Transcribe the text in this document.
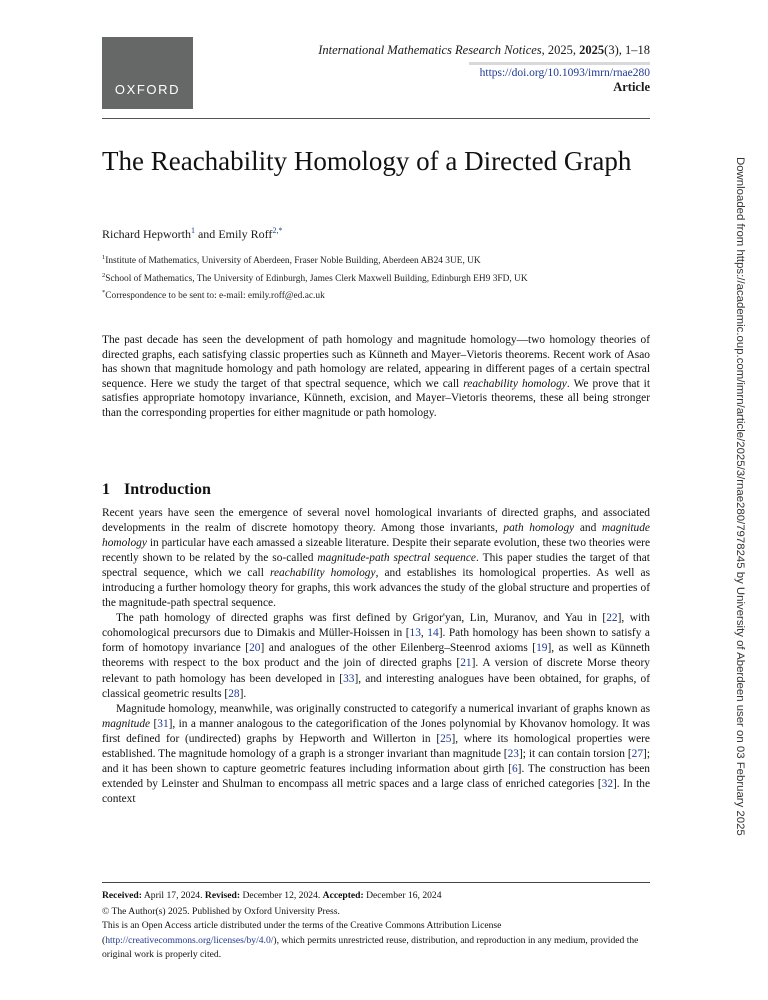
OXFORD
International Mathematics Research Notices, 2025, 2025(3), 1–18
https://doi.org/10.1093/imrn/rnae280
Article
The Reachability Homology of a Directed Graph
Richard Hepworth$^1$ and Emily Roff$^{2,*}$
$^1$Institute of Mathematics, University of Aberdeen, Fraser Noble Building, Aberdeen AB24 3UE, UK
$^2$School of Mathematics, The University of Edinburgh, James Clerk Maxwell Building, Edinburgh EH9 3FD, UK
*Correspondence to be sent to: e-mail: emily.roff@ed.ac.uk

The past decade has seen the development of path homology and magnitude homology—two homology theories of directed graphs, each satisfying classic properties such as Künneth and Mayer–Vietoris theorems. Recent work of Asao has shown that magnitude homology and path homology are related, appearing in different pages of a certain spectral sequence. Here we study the target of that spectral sequence, which we call reachability homology. We prove that it satisfies appropriate homotopy invariance, Künneth, excision, and Mayer–Vietoris theorems, these all being stronger than the corresponding properties for either magnitude or path homology.

1 Introduction

Recent years have seen the emergence of several novel homological invariants of directed graphs, and associated developments in the realm of discrete homotopy theory. Among those invariants, path homology and magnitude homology in particular have each amassed a sizeable literature. Despite their separate evolution, these two theories were recently shown to be related by the so-called magnitude-path spectral sequence. This paper studies the target of that spectral sequence, which we call reachability homology, and establishes its homological properties. As well as introducing a further homology theory for graphs, this work advances the study of the global structure and properties of the magnitude-path spectral sequence.

The path homology of directed graphs was first defined by Grigor'yan, Lin, Muranov, and Yau in [22], with cohomological precursors due to Dimakis and Müller-Hoissen in [13, 14]. Path homology has been shown to satisfy a form of homotopy invariance [20] and analogues of the other Eilenberg–Steenrod axioms [19], as well as Künneth theorems with respect to the box product and the join of directed graphs [21]. A version of discrete Morse theory relevant to path homology has been developed in [33], and interesting analogues have been obtained, for graphs, of classical geometric results [28].

Magnitude homology, meanwhile, was originally constructed to categorify a numerical invariant of graphs known as magnitude [31], in a manner analogous to the categorification of the Jones polynomial by Khovanov homology. It was first defined for (undirected) graphs by Hepworth and Willerton in [25], where its homological properties were established. The magnitude homology of a graph is a stronger invariant than magnitude [23]; it can contain torsion [27]; and it has been shown to capture geometric features including information about girth [6]. The construction has been extended by Leinster and Shulman to encompass all metric spaces and a large class of enriched categories [32]. In the context

Received: April 17, 2024. Revised: December 12, 2024. Accepted: December 16, 2024
© The Author(s) 2025. Published by Oxford University Press.
This is an Open Access article distributed under the terms of the Creative Commons Attribution License
(http://creativecommons.org/licenses/by/4.0/), which permits unrestricted reuse, distribution, and reproduction in any medium, provided the original work is properly cited.
Downloaded from https://academic.oup.com/imrn/article/2025/3/rnae280/7978245 by University of Aberdeen user on 03 February 2025
